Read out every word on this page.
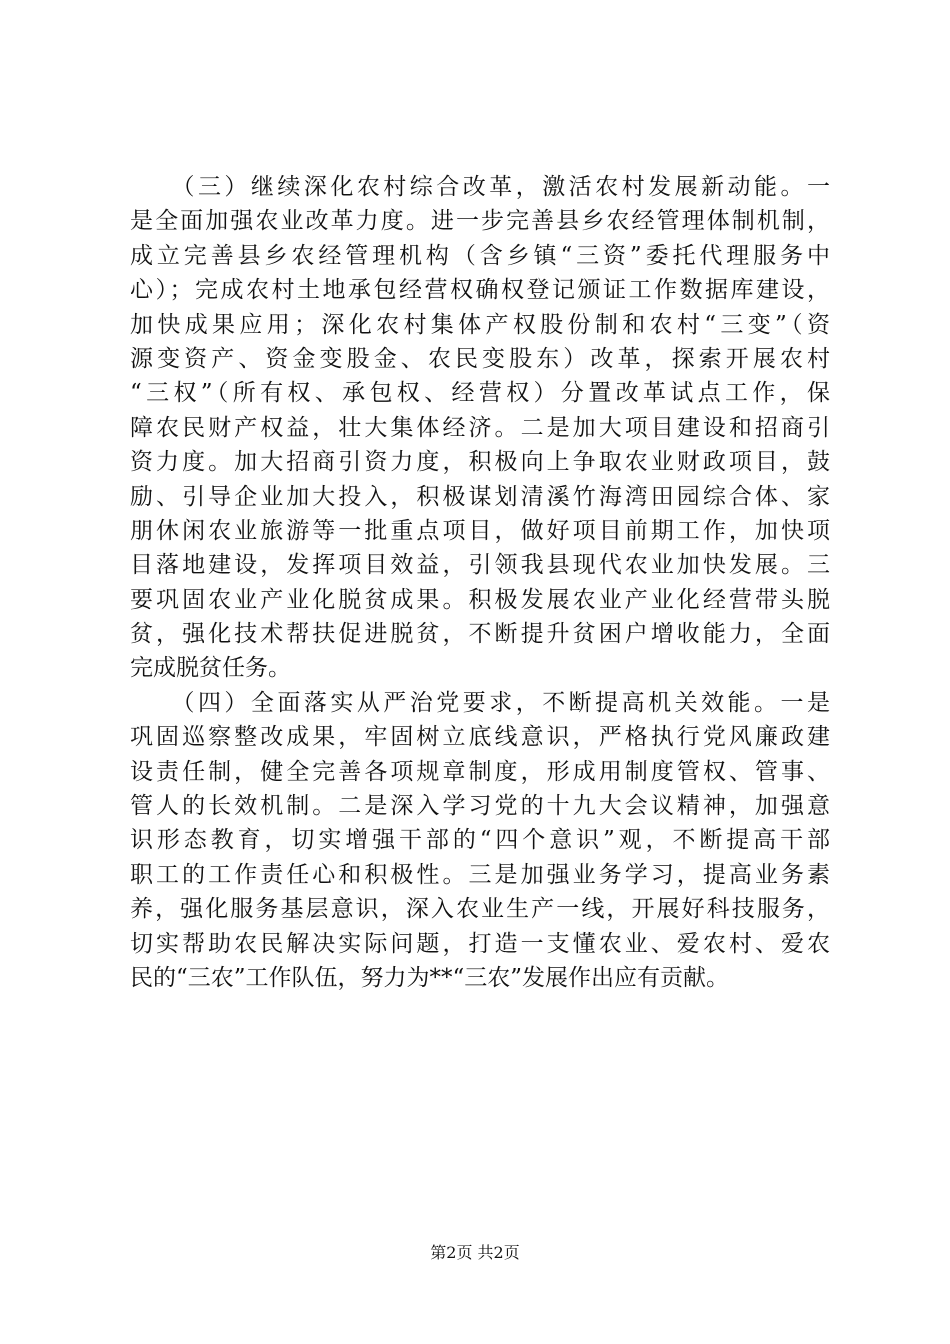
　　（三）继续深化农村综合改革，激活农村发展新动能。一
是全面加强农业改革力度。进一步完善县乡农经管理体制机制，
成立完善县乡农经管理机构（含乡镇“三资”委托代理服务中
心）；完成农村土地承包经营权确权登记颁证工作数据库建设，
加快成果应用；深化农村集体产权股份制和农村“三变”（资
源变资产、资金变股金、农民变股东）改革，探索开展农村
“三权”（所有权、承包权、经营权）分置改革试点工作，保
障农民财产权益，壮大集体经济。二是加大项目建设和招商引
资力度。加大招商引资力度，积极向上争取农业财政项目，鼓
励、引导企业加大投入，积极谋划清溪竹海湾田园综合体、家
朋休闲农业旅游等一批重点项目，做好项目前期工作，加快项
目落地建设，发挥项目效益，引领我县现代农业加快发展。三
要巩固农业产业化脱贫成果。积极发展农业产业化经营带头脱
贫，强化技术帮扶促进脱贫，不断提升贫困户增收能力，全面
完成脱贫任务。
　　（四）全面落实从严治党要求，不断提高机关效能。一是
巩固巡察整改成果，牢固树立底线意识，严格执行党风廉政建
设责任制，健全完善各项规章制度，形成用制度管权、管事、
管人的长效机制。二是深入学习党的十九大会议精神，加强意
识形态教育，切实增强干部的“四个意识”观，不断提高干部
职工的工作责任心和积极性。三是加强业务学习，提高业务素
养，强化服务基层意识，深入农业生产一线，开展好科技服务，
切实帮助农民解决实际问题，打造一支懂农业、爱农村、爱农
民的“三农”工作队伍，努力为**“三农”发展作出应有贡献。
第2页 共2页
